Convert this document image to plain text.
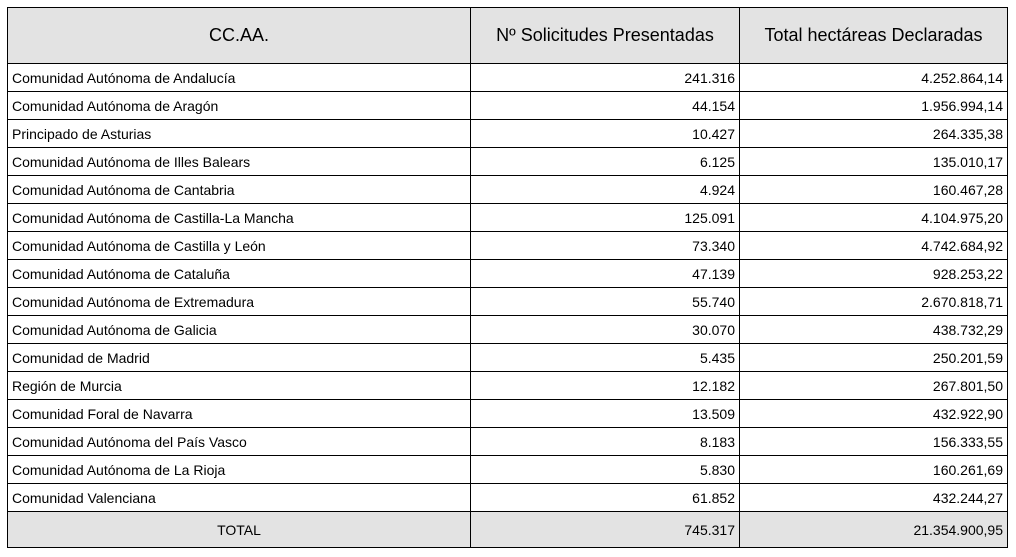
CC.AA.	Nº Solicitudes Presentadas	Total hectáreas Declaradas
Comunidad Autónoma de Andalucía	241.316	4.252.864,14
Comunidad Autónoma de Aragón	44.154	1.956.994,14
Principado de Asturias	10.427	264.335,38
Comunidad Autónoma de Illes Balears	6.125	135.010,17
Comunidad Autónoma de Cantabria	4.924	160.467,28
Comunidad Autónoma de Castilla-La Mancha	125.091	4.104.975,20
Comunidad Autónoma de Castilla y León	73.340	4.742.684,92
Comunidad Autónoma de Cataluña	47.139	928.253,22
Comunidad Autónoma de Extremadura	55.740	2.670.818,71
Comunidad Autónoma de Galicia	30.070	438.732,29
Comunidad de Madrid	5.435	250.201,59
Región de Murcia	12.182	267.801,50
Comunidad Foral de Navarra	13.509	432.922,90
Comunidad Autónoma del País Vasco	8.183	156.333,55
Comunidad Autónoma de La Rioja	5.830	160.261,69
Comunidad Valenciana	61.852	432.244,27
TOTAL	745.317	21.354.900,95
